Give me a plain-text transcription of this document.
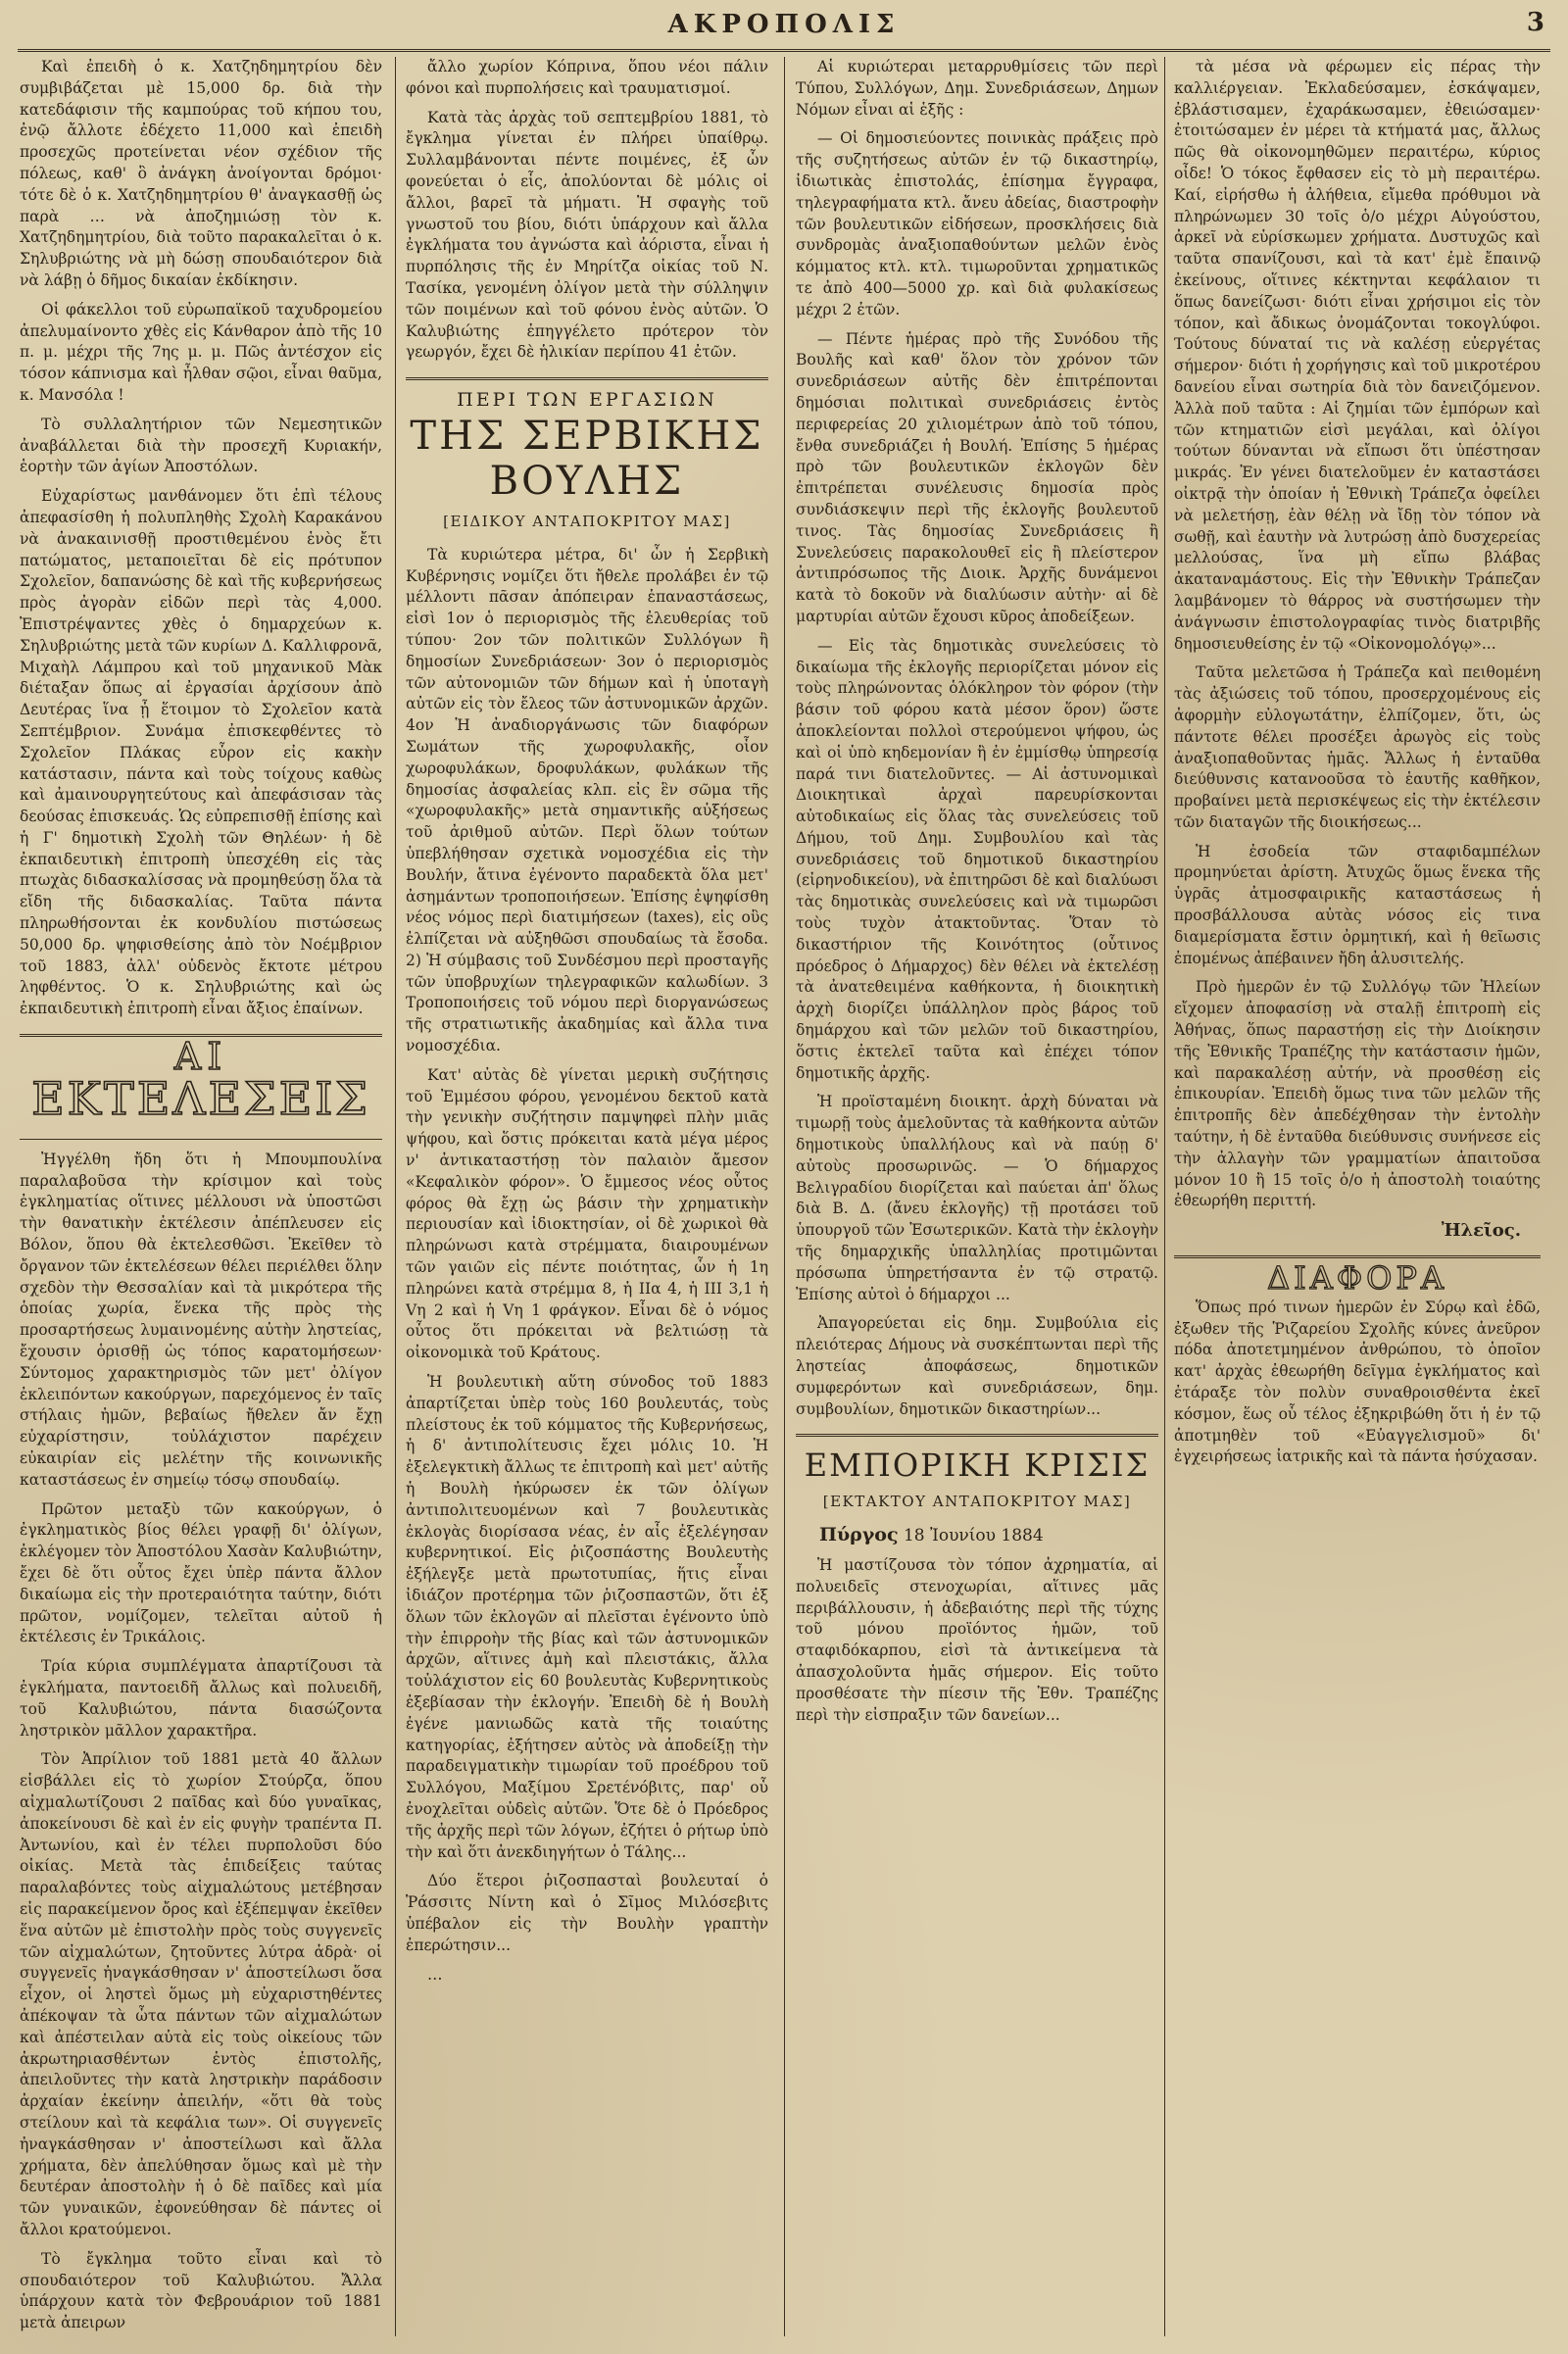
ΑΚΡΟΠΟΛΙΣ	3

Καὶ ἐπειδὴ ὁ κ. Χατζηδημητρίου δὲν συμβιβάζεται μὲ 15,000 δρ. διὰ τὴν κατεδάφισιν τῆς καμπούρας τοῦ κήπου του, ἐνῷ ἄλλοτε ἐδέχετο 11,000 καὶ ἐπειδὴ προσεχῶς προτείνεται νέον σχέδιον τῆς πόλεως, καθ' ὃ ἀνάγκη ἀνοίγονται δρόμοι· τότε δὲ ὁ κ. Χατζηδημητρίου θ' ἀναγκασθῇ ὡς παρὰ … νὰ ἀποζημιώσῃ τὸν κ. Χατζηδημητρίου, διὰ τοῦτο παρακαλεῖται ὁ κ. Σηλυβριώτης νὰ μὴ δώσῃ σπουδαιότερον διὰ νὰ λάβῃ ὁ δῆμος δικαίαν ἐκδίκησιν.

Οἱ φάκελλοι τοῦ εὐρωπαϊκοῦ ταχυδρομείου ἀπελυμαίνοντο χθὲς εἰς Κάνθαρον ἀπὸ τῆς 10 π. μ. μέχρι τῆς 7ης μ. μ. Πῶς ἀντέσχον εἰς τόσον κάπνισμα καὶ ἦλθαν σῷοι, εἶναι θαῦμα, κ. Μανσόλα !

Τὸ συλλαλητήριον τῶν Νεμεσητικῶν ἀναβάλλεται διὰ τὴν προσεχῆ Κυριακήν, ἑορτὴν τῶν ἁγίων Ἀποστόλων.

Εὐχαρίστως μανθάνομεν ὅτι ἐπὶ τέλους ἀπεφασίσθη ἡ πολυπληθὴς Σχολὴ Καρακάνου νὰ ἀνακαινισθῇ προστιθεμένου ἑνὸς ἔτι πατώματος, μεταποιεῖται δὲ εἰς πρότυπον Σχολεῖον, δαπανώσης δὲ καὶ τῆς κυβερνήσεως πρὸς ἀγορὰν εἰδῶν περὶ τὰς 4,000. Ἐπιστρέψαντες χθὲς ὁ δημαρχεύων κ. Σηλυβριώτης μετὰ τῶν κυρίων Δ. Καλλιφρονᾶ, Μιχαὴλ Λάμπρου καὶ τοῦ μηχανικοῦ Μὰκ διέταξαν ὅπως αἱ ἐργασίαι ἀρχίσουν ἀπὸ Δευτέρας ἵνα ᾖ ἕτοιμον τὸ Σχολεῖον κατὰ Σεπτέμβριον. Συνάμα ἐπισκεφθέντες τὸ Σχολεῖον Πλάκας εὗρον εἰς κακὴν κατάστασιν, πάντα καὶ τοὺς τοίχους καθὼς καὶ ἀμαινουργητεύτους καὶ ἀπεφάσισαν τὰς δεούσας ἐπισκευάς. Ὡς εὐπρεπισθῇ ἐπίσης καὶ ἡ Γ' δημοτικὴ Σχολὴ τῶν Θηλέων· ἡ δὲ ἐκπαιδευτικὴ ἐπιτροπὴ ὑπεσχέθη εἰς τὰς πτωχὰς διδασκαλίσσας νὰ προμηθεύσῃ ὅλα τὰ εἴδη τῆς διδασκαλίας. Ταῦτα πάντα πληρωθήσονται ἐκ κονδυλίου πιστώσεως 50,000 δρ. ψηφισθείσης ἀπὸ τὸν Νοέμβριον τοῦ 1883, ἀλλ' οὐδενὸς ἔκτοτε μέτρου ληφθέντος. Ὁ κ. Σηλυβριώτης καὶ ὡς ἐκπαιδευτικὴ ἐπιτροπὴ εἶναι ἄξιος ἐπαίνων.

ΑΙ
ΕΚΤΕΛΕΣΕΙΣ

Ἠγγέλθη ἤδη ὅτι ἡ Μπουμπουλίνα παραλαβοῦσα τὴν κρίσιμον καὶ τοὺς ἐγκληματίας οἵτινες μέλλουσι νὰ ὑποστῶσι τὴν θανατικὴν ἐκτέλεσιν ἀπέπλευσεν εἰς Βόλον, ὅπου θὰ ἐκτελεσθῶσι. Ἐκεῖθεν τὸ ὄργανον τῶν ἐκτελέσεων θέλει περιέλθει ὅλην σχεδὸν τὴν Θεσσαλίαν καὶ τὰ μικρότερα τῆς ὁποίας χωρία, ἕνεκα τῆς πρὸς τὴς προσαρτήσεως λυμαινομένης αὐτὴν ληστείας, ἔχουσιν ὁρισθῇ ὡς τόπος καρατομήσεων· Σύντομος χαρακτηρισμὸς τῶν μετ' ὀλίγον ἐκλειπόντων κακούργων, παρεχόμενος ἐν ταῖς στήλαις ἡμῶν, βεβαίως ἤθελεν ἄν ἔχῃ εὐχαρίστησιν, τοὐλάχιστον παρέχειν εὐκαιρίαν εἰς μελέτην τῆς κοινωνικῆς καταστάσεως ἐν σημείῳ τόσῳ σπουδαίῳ.

Πρῶτον μεταξὺ τῶν κακούργων, ὁ ἐγκληματικὸς βίος θέλει γραφῇ δι' ὀλίγων, ἐκλέγομεν τὸν Ἀποστόλου Χασὰν Καλυβιώτην, ἔχει δὲ ὅτι οὗτος ἔχει ὑπὲρ πάντα ἄλλον δικαίωμα εἰς τὴν προτεραιότητα ταύτην, διότι πρῶτον, νομίζομεν, τελεῖται αὐτοῦ ἡ ἐκτέλεσις ἐν Τρικάλοις.

Τρία κύρια συμπλέγματα ἀπαρτίζουσι τὰ ἐγκλήματα, παντοειδῆ ἄλλως καὶ πολυειδῆ, τοῦ Καλυβιώτου, πάντα διασώζοντα ληστρικὸν μᾶλλον χαρακτῆρα.

Τὸν Ἀπρίλιον τοῦ 1881 μετὰ 40 ἄλλων εἰσβάλλει εἰς τὸ χωρίον Στούρζα, ὅπου αἰχμαλωτίζουσι 2 παῖδας καὶ δύο γυναῖκας, ἀποκείνουσι δὲ καὶ ἐν εἰς φυγὴν τραπέντα Π. Ἀντωνίου, καὶ ἐν τέλει πυρπολοῦσι δύο οἰκίας. Μετὰ τὰς ἐπιδείξεις ταύτας παραλαβόντες τοὺς αἰχμαλώτους μετέβησαν εἰς παρακείμενον ὄρος καὶ ἐξέπεμψαν ἐκεῖθεν ἕνα αὐτῶν μὲ ἐπιστολὴν πρὸς τοὺς συγγενεῖς τῶν αἰχμαλώτων, ζητοῦντες λύτρα ἀδρὰ· οἱ συγγενεῖς ἠναγκάσθησαν ν' ἀποστείλωσι ὅσα εἶχον, οἱ ληστεὶ ὅμως μὴ εὐχαριστηθέντες ἀπέκοψαν τὰ ὦτα πάντων τῶν αἰχμαλώτων καὶ ἀπέστειλαν αὐτὰ εἰς τοὺς οἰκείους τῶν ἀκρωτηριασθέντων ἐντὸς ἐπιστολῆς, ἀπειλοῦντες τὴν κατὰ ληστρικὴν παράδοσιν ἀρχαίαν ἐκείνην ἀπειλήν, «ὅτι θὰ τοὺς στείλουν καὶ τὰ κεφάλια των». Οἱ συγγενεῖς ἠναγκάσθησαν ν' ἀποστείλωσι καὶ ἄλλα χρήματα, δὲν ἀπελύθησαν ὅμως καὶ μὲ τὴν δευτέραν ἀποστολὴν ἡ ὁ δὲ παῖδες καὶ μία τῶν γυναικῶν, ἐφονεύθησαν δὲ πάντες οἱ ἄλλοι κρατούμενοι.

Τὸ ἔγκλημα τοῦτο εἶναι καὶ τὸ σπουδαιότερον τοῦ Καλυβιώτου. Ἄλλα ὑπάρχουν κατὰ τὸν Φεβρουάριον τοῦ 1881 μετὰ ἀπειρων

ἄλλο χωρίον Κόπρινα, ὅπου νέοι πάλιν φόνοι καὶ πυρπολήσεις καὶ τραυματισμοί.

Κατὰ τὰς ἀρχὰς τοῦ σεπτεμβρίου 1881, τὸ ἔγκλημα γίνεται ἐν πλήρει ὑπαίθρῳ. Συλλαμβάνονται πέντε ποιμένες, ἐξ ὧν φονεύεται ὁ εἷς, ἀπολύονται δὲ μόλις οἱ ἄλλοι, βαρεῖ τὰ μήματι. Ἡ σφαγὴς τοῦ γνωστοῦ του βίου, διότι ὑπάρχουν καὶ ἄλλα ἐγκλήματα του ἀγνώστα καὶ ἀόριστα, εἶναι ἡ πυρπόλησις τῆς ἐν Μηρίτζα οἰκίας τοῦ Ν. Τασίκα, γενομένη ὀλίγον μετὰ τὴν σύλληψιν τῶν ποιμένων καὶ τοῦ φόνου ἑνὸς αὐτῶν. Ὁ Καλυβιώτης ἐπηγγέλετο πρότερον τὸν γεωργόν, ἔχει δὲ ἡλικίαν περίπου 41 ἐτῶν.

ΠΕΡΙ ΤΩΝ ΕΡΓΑΣΙΩΝ
ΤΗΣ ΣΕΡΒΙΚΗΣ ΒΟΥΛΗΣ
[ΕΙΔΙΚΟΥ ΑΝΤΑΠΟΚΡΙΤΟΥ ΜΑΣ]

Τὰ κυριώτερα μέτρα, δι' ὧν ἡ Σερβικὴ Κυβέρνησις νομίζει ὅτι ἤθελε προλάβει ἐν τῷ μέλλοντι πᾶσαν ἀπόπειραν ἐπαναστάσεως, εἰσὶ 1ον ὁ περιορισμὸς τῆς ἐλευθερίας τοῦ τύπου· 2ον τῶν πολιτικῶν Συλλόγων ἢ δημοσίων Συνεδριάσεων· 3ον ὁ περιορισμὸς τῶν αὐτονομιῶν τῶν δήμων καὶ ἡ ὑποταγὴ αὐτῶν εἰς τὸν ἔλεος τῶν ἀστυνομικῶν ἀρχῶν. 4ον Ἡ ἀναδιοργάνωσις τῶν διαφόρων Σωμάτων τῆς χωροφυλακῆς, οἷον χωροφυλάκων, δροφυλάκων, φυλάκων τῆς δημοσίας ἀσφαλείας κλπ. εἰς ἓν σῶμα τῆς «χωροφυλακῆς» μετὰ σημαντικῆς αὐξήσεως τοῦ ἀριθμοῦ αὐτῶν. Περὶ ὅλων τούτων ὑπεβλήθησαν σχετικὰ νομοσχέδια εἰς τὴν Βουλήν, ἅτινα ἐγένοντο παραδεκτὰ ὅλα μετ' ἀσημάντων τροποποιήσεων. Ἐπίσης ἐψηφίσθη νέος νόμος περὶ διατιμήσεων (taxes), εἰς οὓς ἐλπίζεται νὰ αὐξηθῶσι σπουδαίως τὰ ἔσοδα. 2) Ἡ σύμβασις τοῦ Συνδέσμου περὶ προσταγῆς τῶν ὑποβρυχίων τηλεγραφικῶν καλωδίων. 3 Τροποποιήσεις τοῦ νόμου περὶ διοργανώσεως τῆς στρατιωτικῆς ἀκαδημίας καὶ ἄλλα τινα νομοσχέδια.

Κατ' αὐτὰς δὲ γίνεται μερικὴ συζήτησις τοῦ Ἐμμέσου φόρου, γενομένου δεκτοῦ κατὰ τὴν γενικὴν συζήτησιν παμψηφεὶ πλὴν μιᾶς ψήφου, καὶ ὅστις πρόκειται κατὰ μέγα μέρος ν' ἀντικαταστήσῃ τὸν παλαιὸν ἄμεσον «Κεφαλικὸν φόρον». Ὁ ἔμμεσος νέος οὗτος φόρος θὰ ἔχῃ ὡς βάσιν τὴν χρηματικὴν περιουσίαν καὶ ἰδιοκτησίαν, οἱ δὲ χωρικοὶ θὰ πληρώνωσι κατὰ στρέμματα, διαιρουμένων τῶν γαιῶν εἰς πέντε ποιότητας, ὧν ἡ 1η πληρώνει κατὰ στρέμμα 8, ἡ ΙΙα 4, ἡ ΙΙΙ 3,1 ἡ Vη 2 καὶ ἡ Vη 1 φράγκον. Εἶναι δὲ ὁ νόμος οὗτος ὅτι πρόκειται νὰ βελτιώσῃ τὰ οἰκονομικὰ τοῦ Κράτους.

Ἡ βουλευτικὴ αὕτη σύνοδος τοῦ 1883 ἀπαρτίζεται ὑπὲρ τοὺς 160 βουλευτάς, τοὺς πλείστους ἐκ τοῦ κόμματος τῆς Κυβερνήσεως, ἡ δ' ἀντιπολίτευσις ἔχει μόλις 10. Ἡ ἐξελεγκτικὴ ἄλλως τε ἐπιτροπὴ καὶ μετ' αὐτῆς ἡ Βουλὴ ἠκύρωσεν ἐκ τῶν ὀλίγων ἀντιπολιτευομένων καὶ 7 βουλευτικὰς ἐκλογὰς διορίσασα νέας, ἐν αἷς ἐξελέγησαν κυβερνητικοί. Εἰς ῥιζοσπάστης Βουλευτὴς ἐξήλεγξε μετὰ πρωτοτυπίας, ἥτις εἶναι ἰδιάζον προτέρημα τῶν ῥιζοσπαστῶν, ὅτι ἐξ ὅλων τῶν ἐκλογῶν αἱ πλεῖσται ἐγένοντο ὑπὸ τὴν ἐπιρροὴν τῆς βίας καὶ τῶν ἀστυνομικῶν ἀρχῶν, αἵτινες ἀμὴ καὶ πλειστάκις, ἄλλα τοὐλάχιστον εἰς 60 βουλευτὰς Κυβερνητικοὺς ἐξεβίασαν τὴν ἐκλογήν. Ἐπειδὴ δὲ ἡ Βουλὴ ἐγένε μανιωδῶς κατὰ τῆς τοιαύτης κατηγορίας, ἐξήτησεν αὐτὸς νὰ ἀποδείξῃ τὴν παραδειγματικὴν τιμωρίαν τοῦ προέδρου τοῦ Συλλόγου, Μαξίμου Σρετένόβιτς, παρ' οὗ ἐνοχλεῖται οὐδεὶς αὐτῶν. Ὅτε δὲ ὁ Πρόεδρος τῆς ἀρχῆς περὶ τῶν λόγων, ἐζήτει ὁ ρήτωρ ὑπὸ τὴν καὶ ὅτι ἀνεκδιηγήτων ὁ Τάλης...

Δύο ἕτεροι ῥιζοσπασταὶ βουλευταί ὁ Ῥάσσιτς Νίντη καὶ ὁ Σῖμος Μιλόσεβιτς ὑπέβαλον εἰς τὴν Βουλὴν γραπτὴν ἐπερώτησιν...

…

Αἱ κυριώτεραι μεταρρυθμίσεις τῶν περὶ Τύπου, Συλλόγων, Δημ. Συνεδριάσεων, Δημων Νόμων εἶναι αἱ ἑξῆς :

— Οἱ δημοσιεύοντες ποινικὰς πράξεις πρὸ τῆς συζητήσεως αὐτῶν ἐν τῷ δικαστηρίῳ, ἰδιωτικὰς ἐπιστολάς, ἐπίσημα ἔγγραφα, τηλεγραφήματα κτλ. ἄνευ ἀδείας, διαστροφὴν τῶν βουλευτικῶν εἰδήσεων, προσκλήσεις διὰ συνδρομὰς ἀναξιοπαθούντων μελῶν ἑνὸς κόμματος κτλ. κτλ. τιμωροῦνται χρηματικῶς τε ἀπὸ 400—5000 χρ. καὶ διὰ φυλακίσεως μέχρι 2 ἐτῶν.

— Πέντε ἡμέρας πρὸ τῆς Συνόδου τῆς Βουλῆς καὶ καθ' ὅλον τὸν χρόνον τῶν συνεδριάσεων αὐτῆς δὲν ἐπιτρέπονται δημόσιαι πολιτικαὶ συνεδριάσεις ἐντὸς περιφερείας 20 χιλιομέτρων ἀπὸ τοῦ τόπου, ἔνθα συνεδριάζει ἡ Βουλή. Ἐπίσης 5 ἡμέρας πρὸ τῶν βουλευτικῶν ἐκλογῶν δὲν ἐπιτρέπεται συνέλευσις δημοσία πρὸς συνδιάσκεψιν περὶ τῆς ἐκλογῆς βουλευτοῦ τινος. Τὰς δημοσίας Συνεδριάσεις ἢ Συνελεύσεις παρακολουθεῖ εἰς ἢ πλείστερον ἀντιπρόσωπος τῆς Διοικ. Ἀρχῆς δυνάμενοι κατὰ τὸ δοκοῦν νὰ διαλύωσιν αὐτὴν· αἱ δὲ μαρτυρίαι αὐτῶν ἔχουσι κῦρος ἀποδείξεων.

— Εἰς τὰς δημοτικὰς συνελεύσεις τὸ δικαίωμα τῆς ἐκλογῆς περιορίζεται μόνον εἰς τοὺς πληρώνοντας ὁλόκληρον τὸν φόρον (τὴν βάσιν τοῦ φόρου κατὰ μέσον ὅρον) ὥστε ἀποκλείονται πολλοὶ στερούμενοι ψήφου, ὡς καὶ οἱ ὑπὸ κηδεμονίαν ἢ ἐν ἐμμίσθῳ ὑπηρεσίᾳ παρά τινι διατελοῦντες. — Αἱ ἀστυνομικαὶ Διοικητικαὶ ἀρχαὶ παρευρίσκονται αὐτοδικαίως εἰς ὅλας τὰς συνελεύσεις τοῦ Δήμου, τοῦ Δημ. Συμβουλίου καὶ τὰς συνεδριάσεις τοῦ δημοτικοῦ δικαστηρίου (εἰρηνοδικείου), νὰ ἐπιτηρῶσι δὲ καὶ διαλύωσι τὰς δημοτικὰς συνελεύσεις καὶ νὰ τιμωρῶσι τοὺς τυχὸν ἀτακτοῦντας. Ὅταν τὸ δικαστήριον τῆς Κοινότητος (οὗτινος πρόεδρος ὁ Δήμαρχος) δὲν θέλει νὰ ἐκτελέσῃ τὰ ἀνατεθειμένα καθήκοντα, ἡ διοικητικὴ ἀρχὴ διορίζει ὑπάλληλον πρὸς βάρος τοῦ δημάρχου καὶ τῶν μελῶν τοῦ δικαστηρίου, ὅστις ἐκτελεῖ ταῦτα καὶ ἐπέχει τόπον δημοτικῆς ἀρχῆς.

Ἡ προϊσταμένη διοικητ. ἀρχὴ δύναται νὰ τιμωρῇ τοὺς ἀμελοῦντας τὰ καθήκοντα αὐτῶν δημοτικοὺς ὑπαλλήλους καὶ νὰ παύῃ δ' αὐτοὺς προσωρινῶς. — Ὁ δήμαρχος Βελιγραδίου διορίζεται καὶ παύεται ἀπ' ὅλως διὰ Β. Δ. (ἄνευ ἐκλογῆς) τῇ προτάσει τοῦ ὑπουργοῦ τῶν Ἐσωτερικῶν. Κατὰ τὴν ἐκλογὴν τῆς δημαρχικῆς ὑπαλληλίας προτιμῶνται πρόσωπα ὑπηρετήσαντα ἐν τῷ στρατῷ. Ἐπίσης αὐτοὶ ὁ δήμαρχοι ...

Ἀπαγορεύεται εἰς δημ. Συμβούλια εἰς πλειότερας Δήμους νὰ συσκέπτωνται περὶ τῆς ληστείας ἀποφάσεως, δημοτικῶν συμφερόντων καὶ συνεδριάσεων, δημ. συμβουλίων, δημοτικῶν δικαστηρίων...

ΕΜΠΟΡΙΚΗ ΚΡΙΣΙΣ
[ΕΚΤΑΚΤΟΥ ΑΝΤΑΠΟΚΡΙΤΟΥ ΜΑΣ]
Πύργος 18 Ἰουνίου 1884

Ἡ μαστίζουσα τὸν τόπον ἀχρηματία, αἱ πολυειδεῖς στενοχωρίαι, αἵτινες μᾶς περιβάλλουσιν, ἡ ἀδεβαιότης περὶ τῆς τύχης τοῦ μόνου προϊόντος ἡμῶν, τοῦ σταφιδόκαρπου, εἰσὶ τὰ ἀντικείμενα τὰ ἀπασχολοῦντα ἡμᾶς σήμερον. Εἰς τοῦτο προσθέσατε τὴν πίεσιν τῆς Ἐθν. Τραπέζης περὶ τὴν εἰσπραξιν τῶν δανείων...

τὰ μέσα νὰ φέρωμεν εἰς πέρας τὴν καλλιέργειαν. Ἐκλαδεύσαμεν, ἐσκάψαμεν, ἐβλάστισαμεν, ἐχαράκωσαμεν, ἐθειώσαμεν· ἐτοιτώσαμεν ἐν μέρει τὰ κτήματά μας, ἄλλως πῶς θὰ οἰκονομηθῶμεν περαιτέρω, κύριος οἶδε! Ὁ τόκος ἔφθασεν εἰς τὸ μὴ περαιτέρω. Καί, εἰρήσθω ἡ ἀλήθεια, εἴμεθα πρόθυμοι νὰ πληρώνωμεν 30 τοῖς ὁ/ο μέχρι Αὐγούστου, ἀρκεῖ νὰ εὑρίσκωμεν χρήματα. Δυστυχῶς καὶ ταῦτα σπανίζουσι, καὶ τὰ κατ' ἐμὲ ἔπαινῷ ἐκείνους, οἵτινες κέκτηνται κεφάλαιον τι ὅπως δανείζωσι· διότι εἶναι χρήσιμοι εἰς τὸν τόπον, καὶ ἄδικως ὀνομάζονται τοκογλύφοι. Τούτους δύναταί τις νὰ καλέσῃ εὐεργέτας σήμερον· διότι ἡ χορήγησις καὶ τοῦ μικροτέρου δανείου εἶναι σωτηρία διὰ τὸν δανειζόμενον. Ἀλλὰ ποῦ ταῦτα : Αἱ ζημίαι τῶν ἐμπόρων καὶ τῶν κτηματιῶν εἰσὶ μεγάλαι, καὶ ὀλίγοι τούτων δύνανται νὰ εἴπωσι ὅτι ὑπέστησαν μικράς. Ἐν γένει διατελοῦμεν ἐν καταστάσει οἰκτρᾷ τὴν ὁποίαν ἡ Ἐθνικὴ Τράπεζα ὀφείλει νὰ μελετήσῃ, ἐὰν θέλῃ νὰ ἴδῃ τὸν τόπον νὰ σωθῇ, καὶ ἐαυτὴν νὰ λυτρώσῃ ἀπὸ δυσχερείας μελλούσας, ἵνα μὴ εἴπω βλάβας ἀκαταναμάστους. Εἰς τὴν Ἐθνικὴν Τράπεζαν λαμβάνομεν τὸ θάρρος νὰ συστήσωμεν τὴν ἀνάγνωσιν ἐπιστολογραφίας τινὸς διατριβῆς δημοσιευθείσης ἐν τῷ «Οἰκονομολόγῳ»...

Ταῦτα μελετῶσα ἡ Τράπεζα καὶ πειθομένη τὰς ἀξιώσεις τοῦ τόπου, προσερχομένους εἰς ἀφορμὴν εὐλογωτάτην, ἐλπίζομεν, ὅτι, ὡς πάντοτε θέλει προσέξει ἀρωγὸς εἰς τοὺς ἀναξιοπαθοῦντας ἡμᾶς. Ἄλλως ἡ ἐνταῦθα διεύθυνσις κατανοοῦσα τὸ ἑαυτῆς καθῆκον, προβαίνει μετὰ περισκέψεως εἰς τὴν ἐκτέλεσιν τῶν διαταγῶν τῆς διοικήσεως...

Ἡ ἐσοδεία τῶν σταφιδαμπέλων προμηνύεται ἀρίστη. Ἀτυχῶς ὅμως ἕνεκα τῆς ὑγρᾶς ἀτμοσφαιρικῆς καταστάσεως ἡ προσβάλλουσα αὐτὰς νόσος εἰς τινα διαμερίσματα ἔστιν ὀρμητική, καὶ ἡ θεῖωσις ἐπομένως ἀπέβαινεν ἤδη ἀλυσιτελής.

Πρὸ ἡμερῶν ἐν τῷ Συλλόγῳ τῶν Ἠλείων εἴχομεν ἀποφασίσῃ νὰ σταλῇ ἐπιτροπὴ εἰς Ἀθήνας, ὅπως παραστήσῃ εἰς τὴν Διοίκησιν τῆς Ἐθνικῆς Τραπέζης τὴν κατάστασιν ἡμῶν, καὶ παρακαλέσῃ αὐτήν, νὰ προσθέσῃ εἰς ἐπικουρίαν. Ἐπειδὴ ὅμως τινα τῶν μελῶν τῆς ἐπιτροπῆς δὲν ἀπεδέχθησαν τὴν ἐντολὴν ταύτην, ἡ δὲ ἐνταῦθα διεύθυνσις συνήνεσε εἰς τὴν ἀλλαγὴν τῶν γραμματίων ἀπαιτοῦσα μόνον 10 ἢ 15 τοῖς ὁ/ο ἡ ἀποστολὴ τοιαύτης ἐθεωρήθη περιττή.

Ἠλεῖος.
ΔΙΑΦΟΡΑ

Ὅπως πρό τινων ἡμερῶν ἐν Σύρῳ καὶ ἐδῶ, ἐξωθεν τῆς Ῥιζαρείου Σχολῆς κύνες ἀνεῦρον πόδα ἀποτετμημένον ἀνθρώπου, τὸ ὁποῖον κατ' ἀρχὰς ἐθεωρήθη δεῖγμα ἐγκλήματος καὶ ἐτάραξε τὸν πολὺν συναθροισθέντα ἐκεῖ κόσμον, ἕως οὗ τέλος ἐξηκριβώθη ὅτι ἡ ἐν τῷ ἀποτμηθὲν τοῦ «Εὐαγγελισμοῦ» δι' ἐγχειρήσεως ἰατρικῆς καὶ τὰ πάντα ἡσύχασαν.
